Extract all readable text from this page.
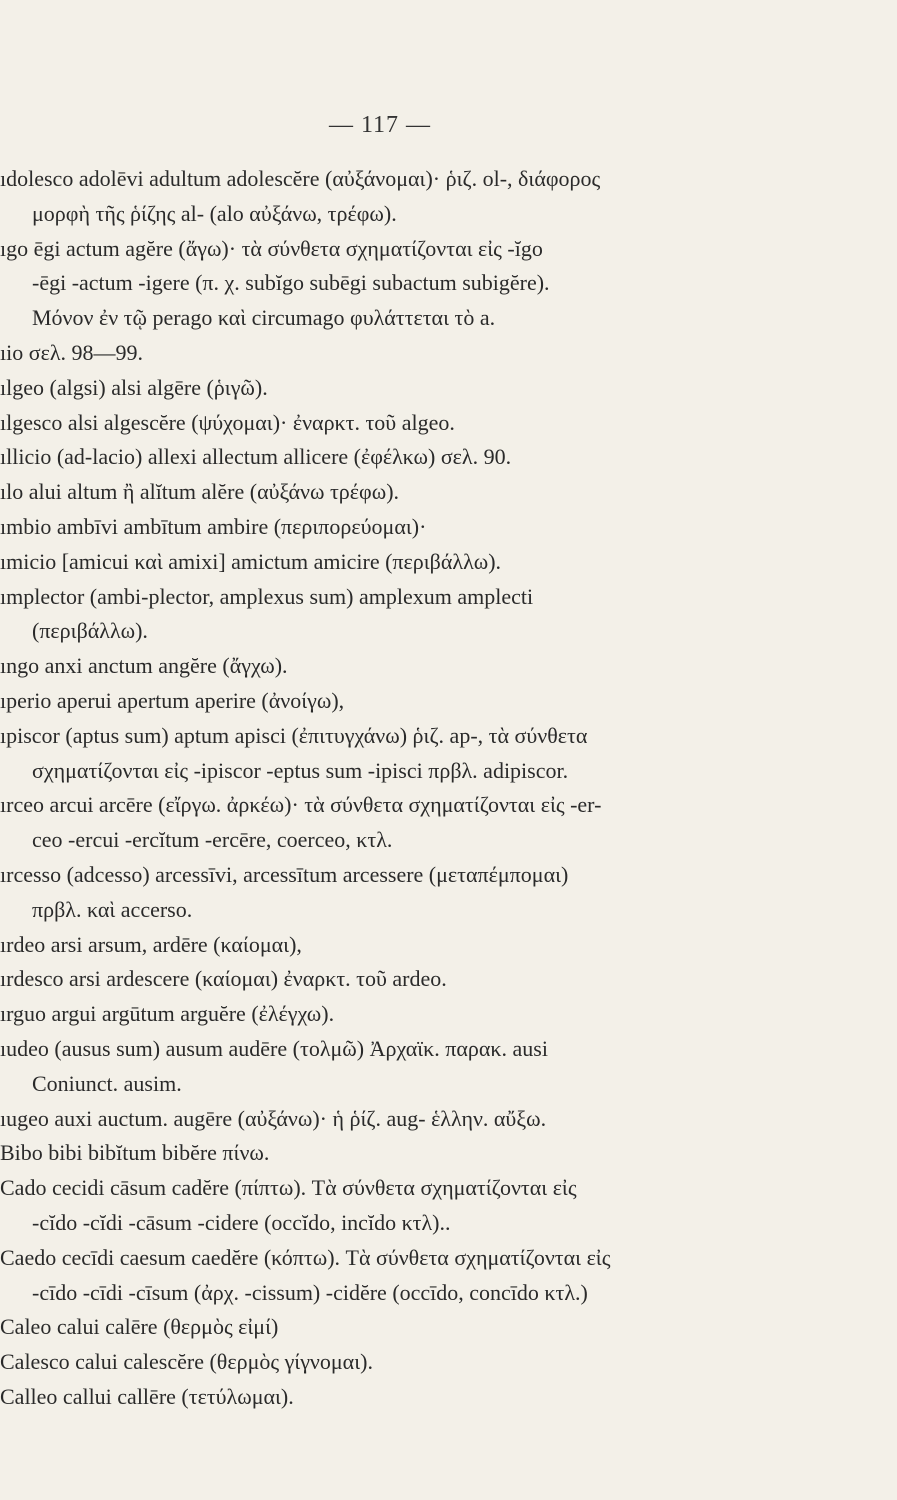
— 117 —
ıdolesco adolēvi adultum adolescĕre (αὐξάνομαι)· ῥιζ. ol-, διάφορος
μορφὴ τῆς ῥίζης al- (alo αὐξάνω, τρέφω).
ıgo ēgi actum agĕre (ἄγω)· τὰ σύνθετα σχηματίζονται εἰς -ĭgo
-ēgi -actum -igere (π. χ. subĭgo subēgi subactum subigĕre).
Μόνον ἐν τῷ perago καὶ circumago φυλάττεται τὸ a.
ıio σελ. 98—99.
ılgeo (algsi) alsi algēre (ῥιγῶ).
ılgesco alsi algescĕre (ψύχομαι)· ἐναρκτ. τοῦ algeo.
ıllicio (ad-lacio) allexi allectum allicere (ἐφέλκω) σελ. 90.
ılo alui altum ἢ alĭtum alĕre (αὐξάνω τρέφω).
ımbio ambīvi ambītum ambire (περιπορεύομαι)·
ımicio [amicui καὶ amixi] amictum amicire (περιβάλλω).
ımplector (ambi-plector, amplexus sum) amplexum amplecti
(περιβάλλω).
ıngo anxi anctum angĕre (ἄγχω).
ıperio aperui apertum aperire (ἀνοίγω),
ıpiscor (aptus sum) aptum apisci (ἐπιτυγχάνω) ῥιζ. ap-, τὰ σύνθετα
σχηματίζονται εἰς -ipiscor -eptus sum -ipisci πρβλ. adipiscor.
ırceo arcui arcēre (εἴργω. ἀρκέω)· τὰ σύνθετα σχηματίζονται εἰς -er-
ceo -ercui -ercĭtum -ercēre, coerceo, κτλ.
ırcesso (adcesso) arcessīvi, arcessītum arcessere (μεταπέμπομαι)
πρβλ. καὶ accerso.
ırdeo arsi arsum, ardēre (καίομαι),
ırdesco arsi ardescere (καίομαι) ἐναρκτ. τοῦ ardeo.
ırguo argui argūtum arguĕre (ἐλέγχω).
ıudeo (ausus sum) ausum audēre (τολμῶ) Ἀρχαϊκ. παρακ. ausi
Coniunct. ausim.
ıugeo auxi auctum. augēre (αὐξάνω)· ἡ ῥίζ. aug- ἑλλην. αὔξω.
Bibo bibi bibĭtum bibĕre πίνω.
Cado cecidi cāsum cadĕre (πίπτω). Τὰ σύνθετα σχηματίζονται εἰς
-cĭdo -cĭdi -cāsum -cidere (occĭdo, incĭdo κτλ)..
Caedo cecīdi caesum caedĕre (κόπτω). Τὰ σύνθετα σχηματίζονται εἰς
-cīdo -cīdi -cīsum (ἀρχ. -cissum) -cidĕre (occīdo, concīdo κτλ.)
Caleo calui calēre (θερμὸς εἰμί)
Calesco calui calescĕre (θερμὸς γίγνομαι).
Calleo callui callēre (τετύλωμαι).
